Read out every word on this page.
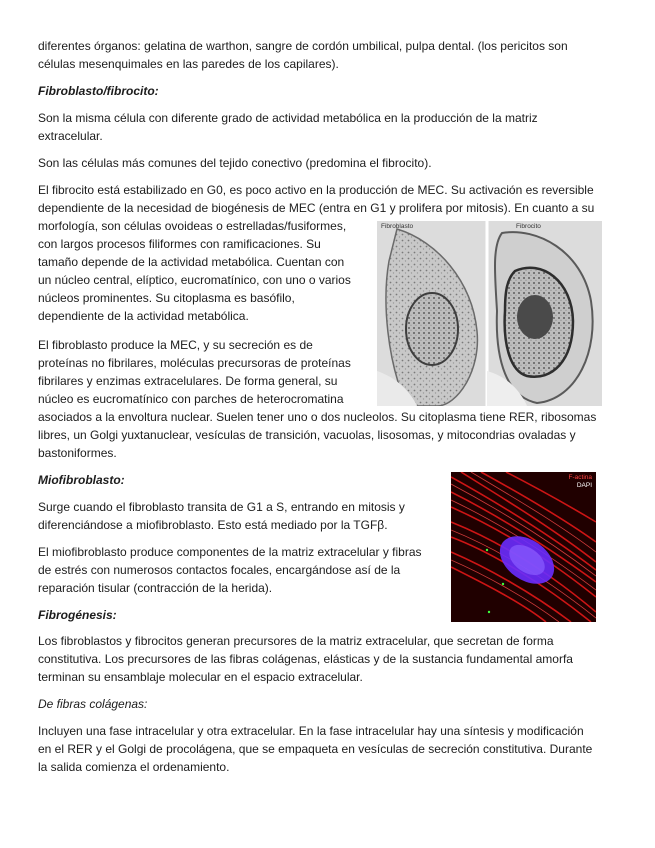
diferentes órganos: gelatina de warthon, sangre de cordón umbilical, pulpa dental. (los pericitos son
células mesenquimales en las paredes de los capilares).

Fibroblasto/fibrocito:

Son la misma célula con diferente grado de actividad metabólica en la producción de la matriz
extracelular.

Son las células más comunes del tejido conectivo (predomina el fibrocito).

El fibrocito está estabilizado en G0, es poco activo en la producción de MEC. Su activación es reversible
dependiente de la necesidad de biogénesis de MEC (entra en G1 y prolifera por mitosis). En cuanto a su
morfología, son células ovoideas o estrelladas/fusiformes,
con largos procesos filiformes con ramificaciones. Su
tamaño depende de la actividad metabólica. Cuentan con
un núcleo central, elíptico, eucromatínico, con uno o varios
núcleos prominentes. Su citoplasma es basófilo,
dependiente de la actividad metabólica.

El fibroblasto produce la MEC, y su secreción es de
proteínas no fibrilares, moléculas precursoras de proteínas
fibrilares y enzimas extracelulares. De forma general, su
núcleo es eucromatínico con parches de heterocromatina
asociados a la envoltura nuclear. Suelen tener uno o dos nucleolos. Su citoplasma tiene RER, ribosomas
libres, un Golgi yuxtanuclear, vesículas de transición, vacuolas, lisosomas, y mitocondrias ovaladas y
bastoniformes.

Miofibroblasto:

Surge cuando el fibroblasto transita de G1 a S, entrando en mitosis y
diferenciándose a miofibroblasto. Esto está mediado por la TGFβ.

El miofibroblasto produce componentes de la matriz extracelular y fibras
de estrés con numerosos contactos focales, encargándose así de la
reparación tisular (contracción de la herida).

Fibrogénesis:

Los fibroblastos y fibrocitos generan precursores de la matriz extracelular, que secretan de forma
constitutiva. Los precursores de las fibras colágenas, elásticas y de la sustancia fundamental amorfa
terminan su ensamblaje molecular en el espacio extracelular.

De fibras colágenas:

Incluyen una fase intracelular y otra extracelular. En la fase intracelular hay una síntesis y modificación
en el RER y el Golgi de procolágena, que se empaqueta en vesículas de secreción constitutiva. Durante
la salida comienza el ordenamiento.

Fibroblasto	Fibrocito
F-actina
DAPI
